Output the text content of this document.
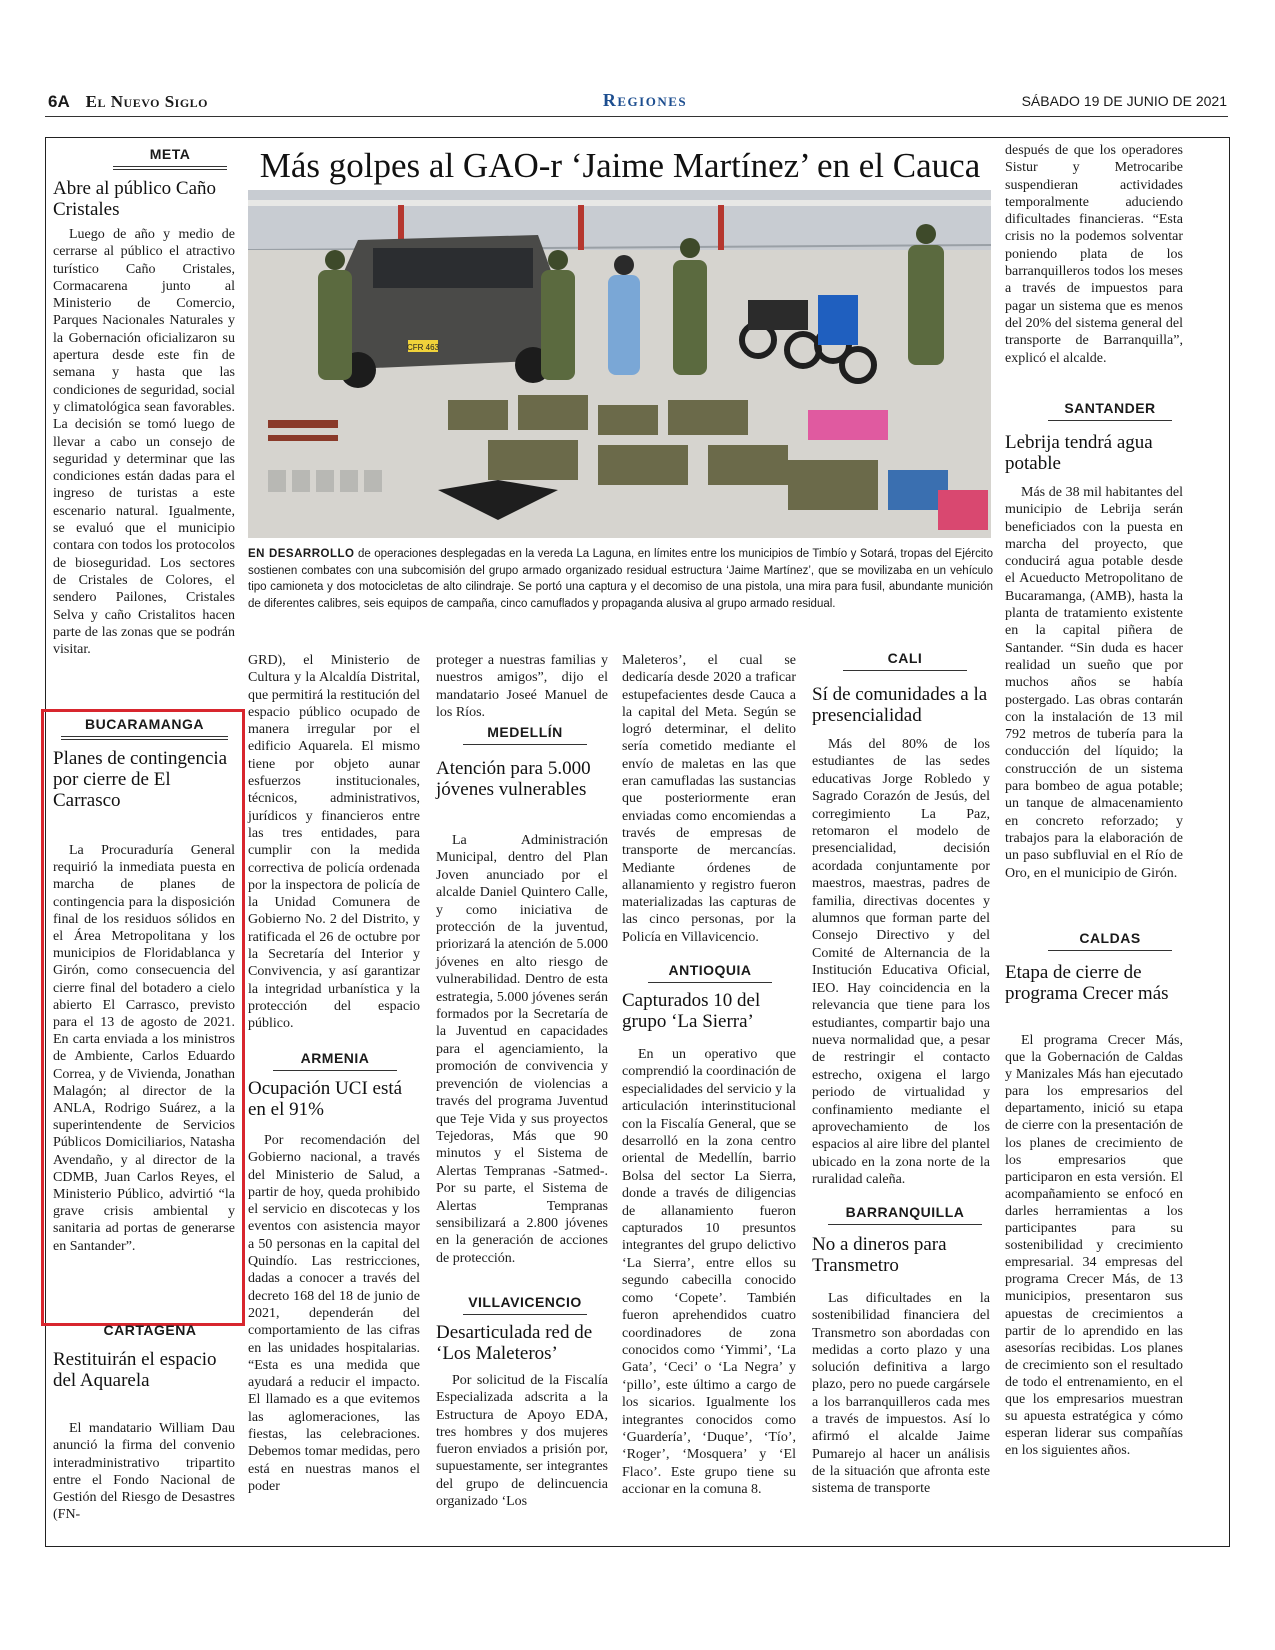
6A El Nuevo Siglo	Regiones	SÁBADO 19 DE JUNIO DE 2021
META
Abre al público Caño Cristales

Luego de año y medio de cerrarse al público el atractivo turístico Caño Cristales, Cormacarena junto al Ministerio de Comercio, Parques Nacionales Naturales y la Gobernación oficializaron su apertura desde este fin de semana y hasta que las condiciones de seguridad, social y climatológica sean favorables. La decisión se tomó luego de llevar a cabo un consejo de seguridad y determinar que las condiciones están dadas para el ingreso de turistas a este escenario natural. Igualmente, se evaluó que el municipio contara con todos los protocolos de bioseguridad. Los sectores de Cristales de Colores, el sendero Pailones, Cristales Selva y caño Cristalitos hacen parte de las zonas que se podrán visitar.

BUCARAMANGA
Planes de contingencia por cierre de El Carrasco

La Procuraduría General requirió la inmediata puesta en marcha de planes de contingencia para la disposición final de los residuos sólidos en el Área Metropolitana y los municipios de Floridablanca y Girón, como consecuencia del cierre final del botadero a cielo abierto El Carrasco, previsto para el 13 de agosto de 2021. En carta enviada a los ministros de Ambiente, Carlos Eduardo Correa, y de Vivienda, Jonathan Malagón; al director de la ANLA, Rodrigo Suárez, a la superintendente de Servicios Públicos Domiciliarios, Natasha Avendaño, y al director de la CDMB, Juan Carlos Reyes, el Ministerio Público, advirtió “la grave crisis ambiental y sanitaria ad portas de generarse en Santander”.

CARTAGENA
Restituirán el espacio del Aquarela

El mandatario William Dau anunció la firma del convenio interadministrativo tripartito entre el Fondo Nacional de Gestión del Riesgo de Desastres (FN-

Más golpes al GAO-r ‘Jaime Martínez’ en el Cauca
CFR 463
EN DESARROLLO de operaciones desplegadas en la vereda La Laguna, en límites entre los municipios de Timbío y Sotará, tropas del Ejército sostienen combates con una subcomisión del grupo armado organizado residual estructura ‘Jaime Martínez’, que se movilizaba en un vehículo tipo camioneta y dos motocicletas de alto cilindraje. Se portó una captura y el decomiso de una pistola, una mira para fusil, abundante munición de diferentes calibres, seis equipos de campaña, cinco camuflados y propaganda alusiva al grupo armado residual.

GRD), el Ministerio de Cultura y la Alcaldía Distrital, que permitirá la restitución del espacio público ocupado de manera irregular por el edificio Aquarela. El mismo tiene por objeto aunar esfuerzos institucionales, técnicos, administrativos, jurídicos y financieros entre las tres entidades, para cumplir con la medida correctiva de policía ordenada por la inspectora de policía de la Unidad Comunera de Gobierno No. 2 del Distrito, y ratificada el 26 de octubre por la Secretaría del Interior y Convivencia, y así garantizar la integridad urbanística y la protección del espacio público.

ARMENIA
Ocupación UCI está en el 91%

Por recomendación del Gobierno nacional, a través del Ministerio de Salud, a partir de hoy, queda prohibido el servicio en discotecas y los eventos con asistencia mayor a 50 personas en la capital del Quindío. Las restricciones, dadas a conocer a través del decreto 168 del 18 de junio de 2021, dependerán del comportamiento de las cifras en las unidades hospitalarias. “Esta es una medida que ayudará a reducir el impacto. El llamado es a que evitemos las aglomeraciones, las fiestas, las celebraciones. Debemos tomar medidas, pero está en nuestras manos el poder

proteger a nuestras familias y nuestros amigos”, dijo el mandatario Joseé Manuel de los Ríos.

MEDELLÍN
Atención para 5.000 jóvenes vulnerables

La Administración Municipal, dentro del Plan Joven anunciado por el alcalde Daniel Quintero Calle, y como iniciativa de protección de la juventud, priorizará la atención de 5.000 jóvenes en alto riesgo de vulnerabilidad. Dentro de esta estrategia, 5.000 jóvenes serán formados por la Secretaría de la Juventud en capacidades para el agenciamiento, la promoción de convivencia y prevención de violencias a través del programa Juventud que Teje Vida y sus proyectos Tejedoras, Más que 90 minutos y el Sistema de Alertas Tempranas -Satmed-. Por su parte, el Sistema de Alertas Tempranas sensibilizará a 2.800 jóvenes en la generación de acciones de protección.

VILLAVICENCIO
Desarticulada red de ‘Los Maleteros’

Por solicitud de la Fiscalía Especializada adscrita a la Estructura de Apoyo EDA, tres hombres y dos mujeres fueron enviados a prisión por, supuestamente, ser integrantes del grupo de delincuencia organizado ‘Los

Maleteros’, el cual se dedicaría desde 2020 a traficar estupefacientes desde Cauca a la capital del Meta. Según se logró determinar, el delito sería cometido mediante el envío de maletas en las que eran camufladas las sustancias que posteriormente eran enviadas como encomiendas a través de empresas de transporte de mercancías. Mediante órdenes de allanamiento y registro fueron materializadas las capturas de las cinco personas, por la Policía en Villavicencio.

ANTIOQUIA
Capturados 10 del grupo ‘La Sierra’

En un operativo que comprendió la coordinación de especialidades del servicio y la articulación interinstitucional con la Fiscalía General, que se desarrolló en la zona centro oriental de Medellín, barrio Bolsa del sector La Sierra, donde a través de diligencias de allanamiento fueron capturados 10 presuntos integrantes del grupo delictivo ‘La Sierra’, entre ellos su segundo cabecilla conocido como ‘Copete’. También fueron aprehendidos cuatro coordinadores de zona conocidos como ‘Yimmi’, ‘La Gata’, ‘Ceci’ o ‘La Negra’ y ‘pillo’, este último a cargo de los sicarios. Igualmente los integrantes conocidos como ‘Guardería’, ‘Duque’, ‘Tío’, ‘Roger’, ‘Mosquera’ y ‘El Flaco’. Este grupo tiene su accionar en la comuna 8.

CALI
Sí de comunidades a la presencialidad

Más del 80% de los estudiantes de las sedes educativas Jorge Robledo y Sagrado Corazón de Jesús, del corregimiento La Paz, retomaron el modelo de presencialidad, decisión acordada conjuntamente por maestros, maestras, padres de familia, directivas docentes y alumnos que forman parte del Consejo Directivo y del Comité de Alternancia de la Institución Educativa Oficial, IEO. Hay coincidencia en la relevancia que tiene para los estudiantes, compartir bajo una nueva normalidad que, a pesar de restringir el contacto estrecho, oxigena el largo periodo de virtualidad y confinamiento mediante el aprovechamiento de los espacios al aire libre del plantel ubicado en la zona norte de la ruralidad caleña.

BARRANQUILLA
No a dineros para Transmetro

Las dificultades en la sostenibilidad financiera del Transmetro son abordadas con medidas a corto plazo y una solución definitiva a largo plazo, pero no puede cargársele a los barranquilleros cada mes a través de impuestos. Así lo afirmó el alcalde Jaime Pumarejo al hacer un análisis de la situación que afronta este sistema de transporte

después de que los operadores Sistur y Metrocaribe suspendieran actividades temporalmente aduciendo dificultades financieras. “Esta crisis no la podemos solventar poniendo plata de los barranquilleros todos los meses a través de impuestos para pagar un sistema que es menos del 20% del sistema general del transporte de Barranquilla”, explicó el alcalde.

SANTANDER
Lebrija tendrá agua potable

Más de 38 mil habitantes del municipio de Lebrija serán beneficiados con la puesta en marcha del proyecto, que conducirá agua potable desde el Acueducto Metropolitano de Bucaramanga, (AMB), hasta la planta de tratamiento existente en la capital piñera de Santander. “Sin duda es hacer realidad un sueño que por muchos años se había postergado. Las obras contarán con la instalación de 13 mil 792 metros de tubería para la conducción del líquido; la construcción de un sistema para bombeo de agua potable; un tanque de almacenamiento en concreto reforzado; y trabajos para la elaboración de un paso subfluvial en el Río de Oro, en el municipio de Girón.

CALDAS
Etapa de cierre de programa Crecer más

El programa Crecer Más, que la Gobernación de Caldas y Manizales Más han ejecutado para los empresarios del departamento, inició su etapa de cierre con la presentación de los planes de crecimiento de los empresarios que participaron en esta versión. El acompañamiento se enfocó en darles herramientas a los participantes para su sostenibilidad y crecimiento empresarial. 34 empresas del programa Crecer Más, de 13 municipios, presentaron sus apuestas de crecimientos a partir de lo aprendido en las asesorías recibidas. Los planes de crecimiento son el resultado de todo el entrenamiento, en el que los empresarios muestran su apuesta estratégica y cómo esperan liderar sus compañías en los siguientes años.
